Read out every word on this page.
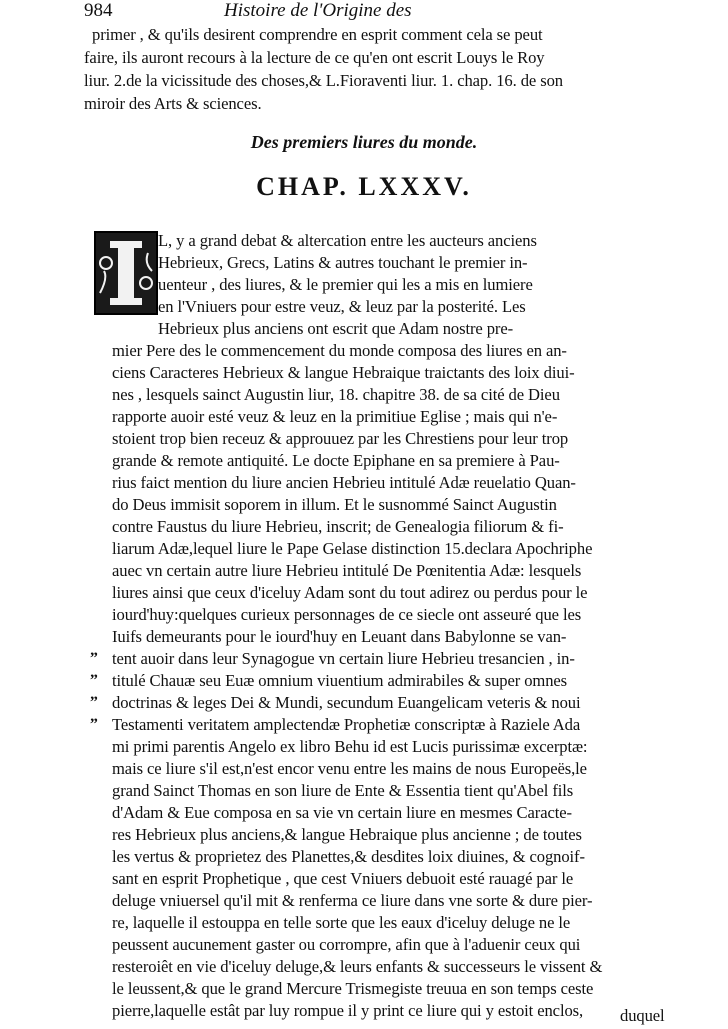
984	Histoire de l'Origine des
primer , & qu'ils desirent comprendre en esprit comment cela se peut
faire, ils auront recours à la lecture de ce qu'en ont escrit Louys le Roy
liur. 2.de la vicissitude des choses,& L.Fioraventi liur. 1. chap. 16. de son
miroir des Arts & sciences.
Des premiers liures du monde.
CHAP. LXXXV.
„
„
„
„
L, y a grand debat & altercation entre les aucteurs anciens
Hebrieux, Grecs, Latins & autres touchant le premier in-
uenteur , des liures, & le premier qui les a mis en lumiere
en l'Vniuers pour estre veuz, & leuz par la posterité. Les
Hebrieux plus anciens ont escrit que Adam nostre pre-
mier Pere des le commencement du monde composa des liures en an-
ciens Caracteres Hebrieux & langue Hebraique traictants des loix diui-
nes , lesquels sainct Augustin liur, 18. chapitre 38. de sa cité de Dieu
rapporte auoir esté veuz & leuz en la primitiue Eglise ; mais qui n'e-
stoient trop bien receuz & approuuez par les Chrestiens pour leur trop
grande & remote antiquité. Le docte Epiphane en sa premiere à Pau-
rius faict mention du liure ancien Hebrieu intitulé Adæ reuelatio Quan-
do Deus immisit soporem in illum. Et le susnommé Sainct Augustin
contre Faustus du liure Hebrieu, inscrit; de Genealogia filiorum & fi-
liarum Adæ,lequel liure le Pape Gelase distinction 15.declara Apochriphe
auec vn certain autre liure Hebrieu intitulé De Pœnitentia Adæ: lesquels
liures ainsi que ceux d'iceluy Adam sont du tout adirez ou perdus pour le
iourd'huy:quelques curieux personnages de ce siecle ont asseuré que les
Iuifs demeurants pour le iourd'huy en Leuant dans Babylonne se van-
tent auoir dans leur Synagogue vn certain liure Hebrieu tresancien , in-
titulé Chauæ seu Euæ omnium viuentium admirabiles & super omnes
doctrinas & leges Dei & Mundi, secundum Euangelicam veteris & noui
Testamenti veritatem amplectendæ Prophetiæ conscriptæ à Raziele Ada
mi primi parentis Angelo ex libro Behu id est Lucis purissimæ excerptæ:
mais ce liure s'il est,n'est encor venu entre les mains de nous Europeës,le
grand Sainct Thomas en son liure de Ente & Essentia tient qu'Abel fils
d'Adam & Eue composa en sa vie vn certain liure en mesmes Caracte-
res Hebrieux plus anciens,& langue Hebraique plus ancienne ; de toutes
les vertus & proprietez des Planettes,& desdites loix diuines, & cognoif-
sant en esprit Prophetique , que cest Vniuers debuoit esté rauagé par le
deluge vniuersel qu'il mit & renferma ce liure dans vne sorte & dure pier-
re, laquelle il estouppa en telle sorte que les eaux d'iceluy deluge ne le
peussent aucunement gaster ou corrompre, afin que à l'aduenir ceux qui
resteroiêt en vie d'iceluy deluge,& leurs enfants & successeurs le vissent &
le leussent,& que le grand Mercure Trismegiste treuua en son temps ceste
pierre,laquelle estât par luy rompue il y print ce liure qui y estoit enclos, duquel
